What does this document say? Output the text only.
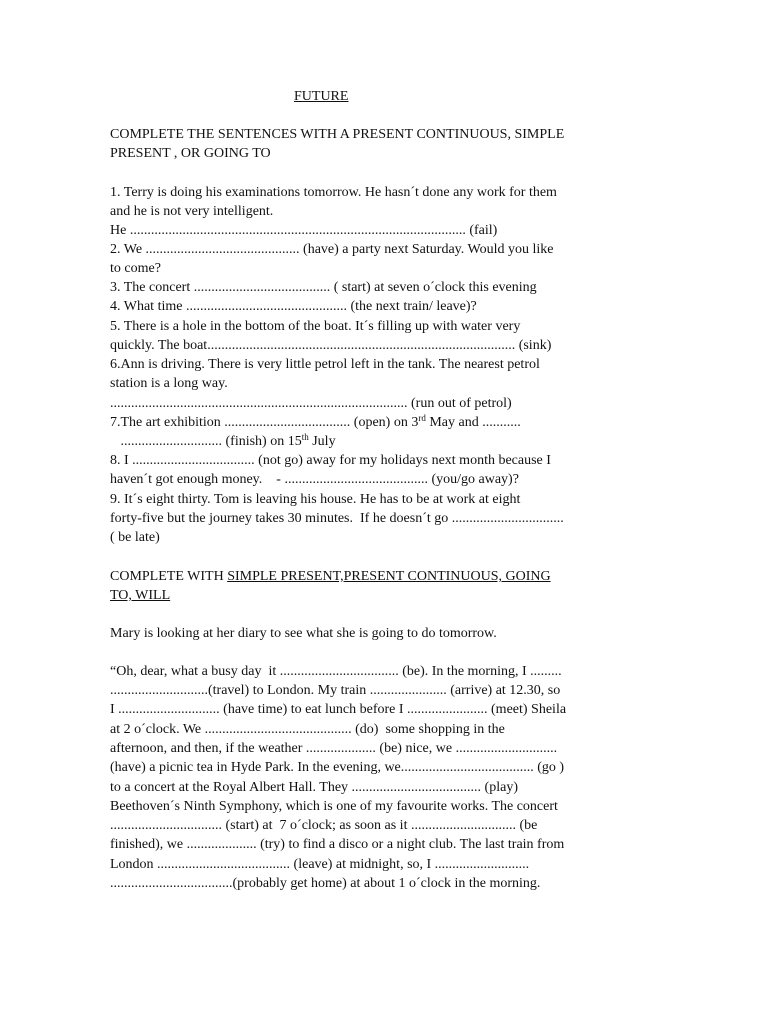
FUTURE
COMPLETE THE SENTENCES WITH A PRESENT CONTINUOUS, SIMPLE
PRESENT , OR GOING TO
1. Terry is doing his examinations tomorrow. He hasn´t done any work for them
and he is not very intelligent.
He ................................................................................................ (fail)
2. We ............................................ (have) a party next Saturday. Would you like
to come?
3. The concert ....................................... ( start) at seven o´clock this evening
4. What time .............................................. (the next train/ leave)?
5. There is a hole in the bottom of the boat. It´s filling up with water very
quickly. The boat........................................................................................ (sink)
6.Ann is driving. There is very little petrol left in the tank. The nearest petrol
station is a long way.
..................................................................................... (run out of petrol)
7.The art exhibition .................................... (open) on 3rd May and ...........
............................. (finish) on 15th July
8. I ................................... (not go) away for my holidays next month because I
haven´t got enough money.    - ......................................... (you/go away)?
9. It´s eight thirty. Tom is leaving his house. He has to be at work at eight
forty-five but the journey takes 30 minutes.  If he doesn´t go ................................
( be late)
COMPLETE WITH SIMPLE PRESENT,PRESENT CONTINUOUS, GOING
TO, WILL
Mary is looking at her diary to see what she is going to do tomorrow.
“Oh, dear, what a busy day  it .................................. (be). In the morning, I .........
............................(travel) to London. My train ...................... (arrive) at 12.30, so
I ............................. (have time) to eat lunch before I ....................... (meet) Sheila
at 2 o´clock. We .......................................... (do)  some shopping in the
afternoon, and then, if the weather .................... (be) nice, we .............................
(have) a picnic tea in Hyde Park. In the evening, we...................................... (go )
to a concert at the Royal Albert Hall. They ..................................... (play)
Beethoven´s Ninth Symphony, which is one of my favourite works. The concert
................................ (start) at  7 o´clock; as soon as it .............................. (be
finished), we .................... (try) to find a disco or a night club. The last train from
London ...................................... (leave) at midnight, so, I ...........................
...................................(probably get home) at about 1 o´clock in the morning.
